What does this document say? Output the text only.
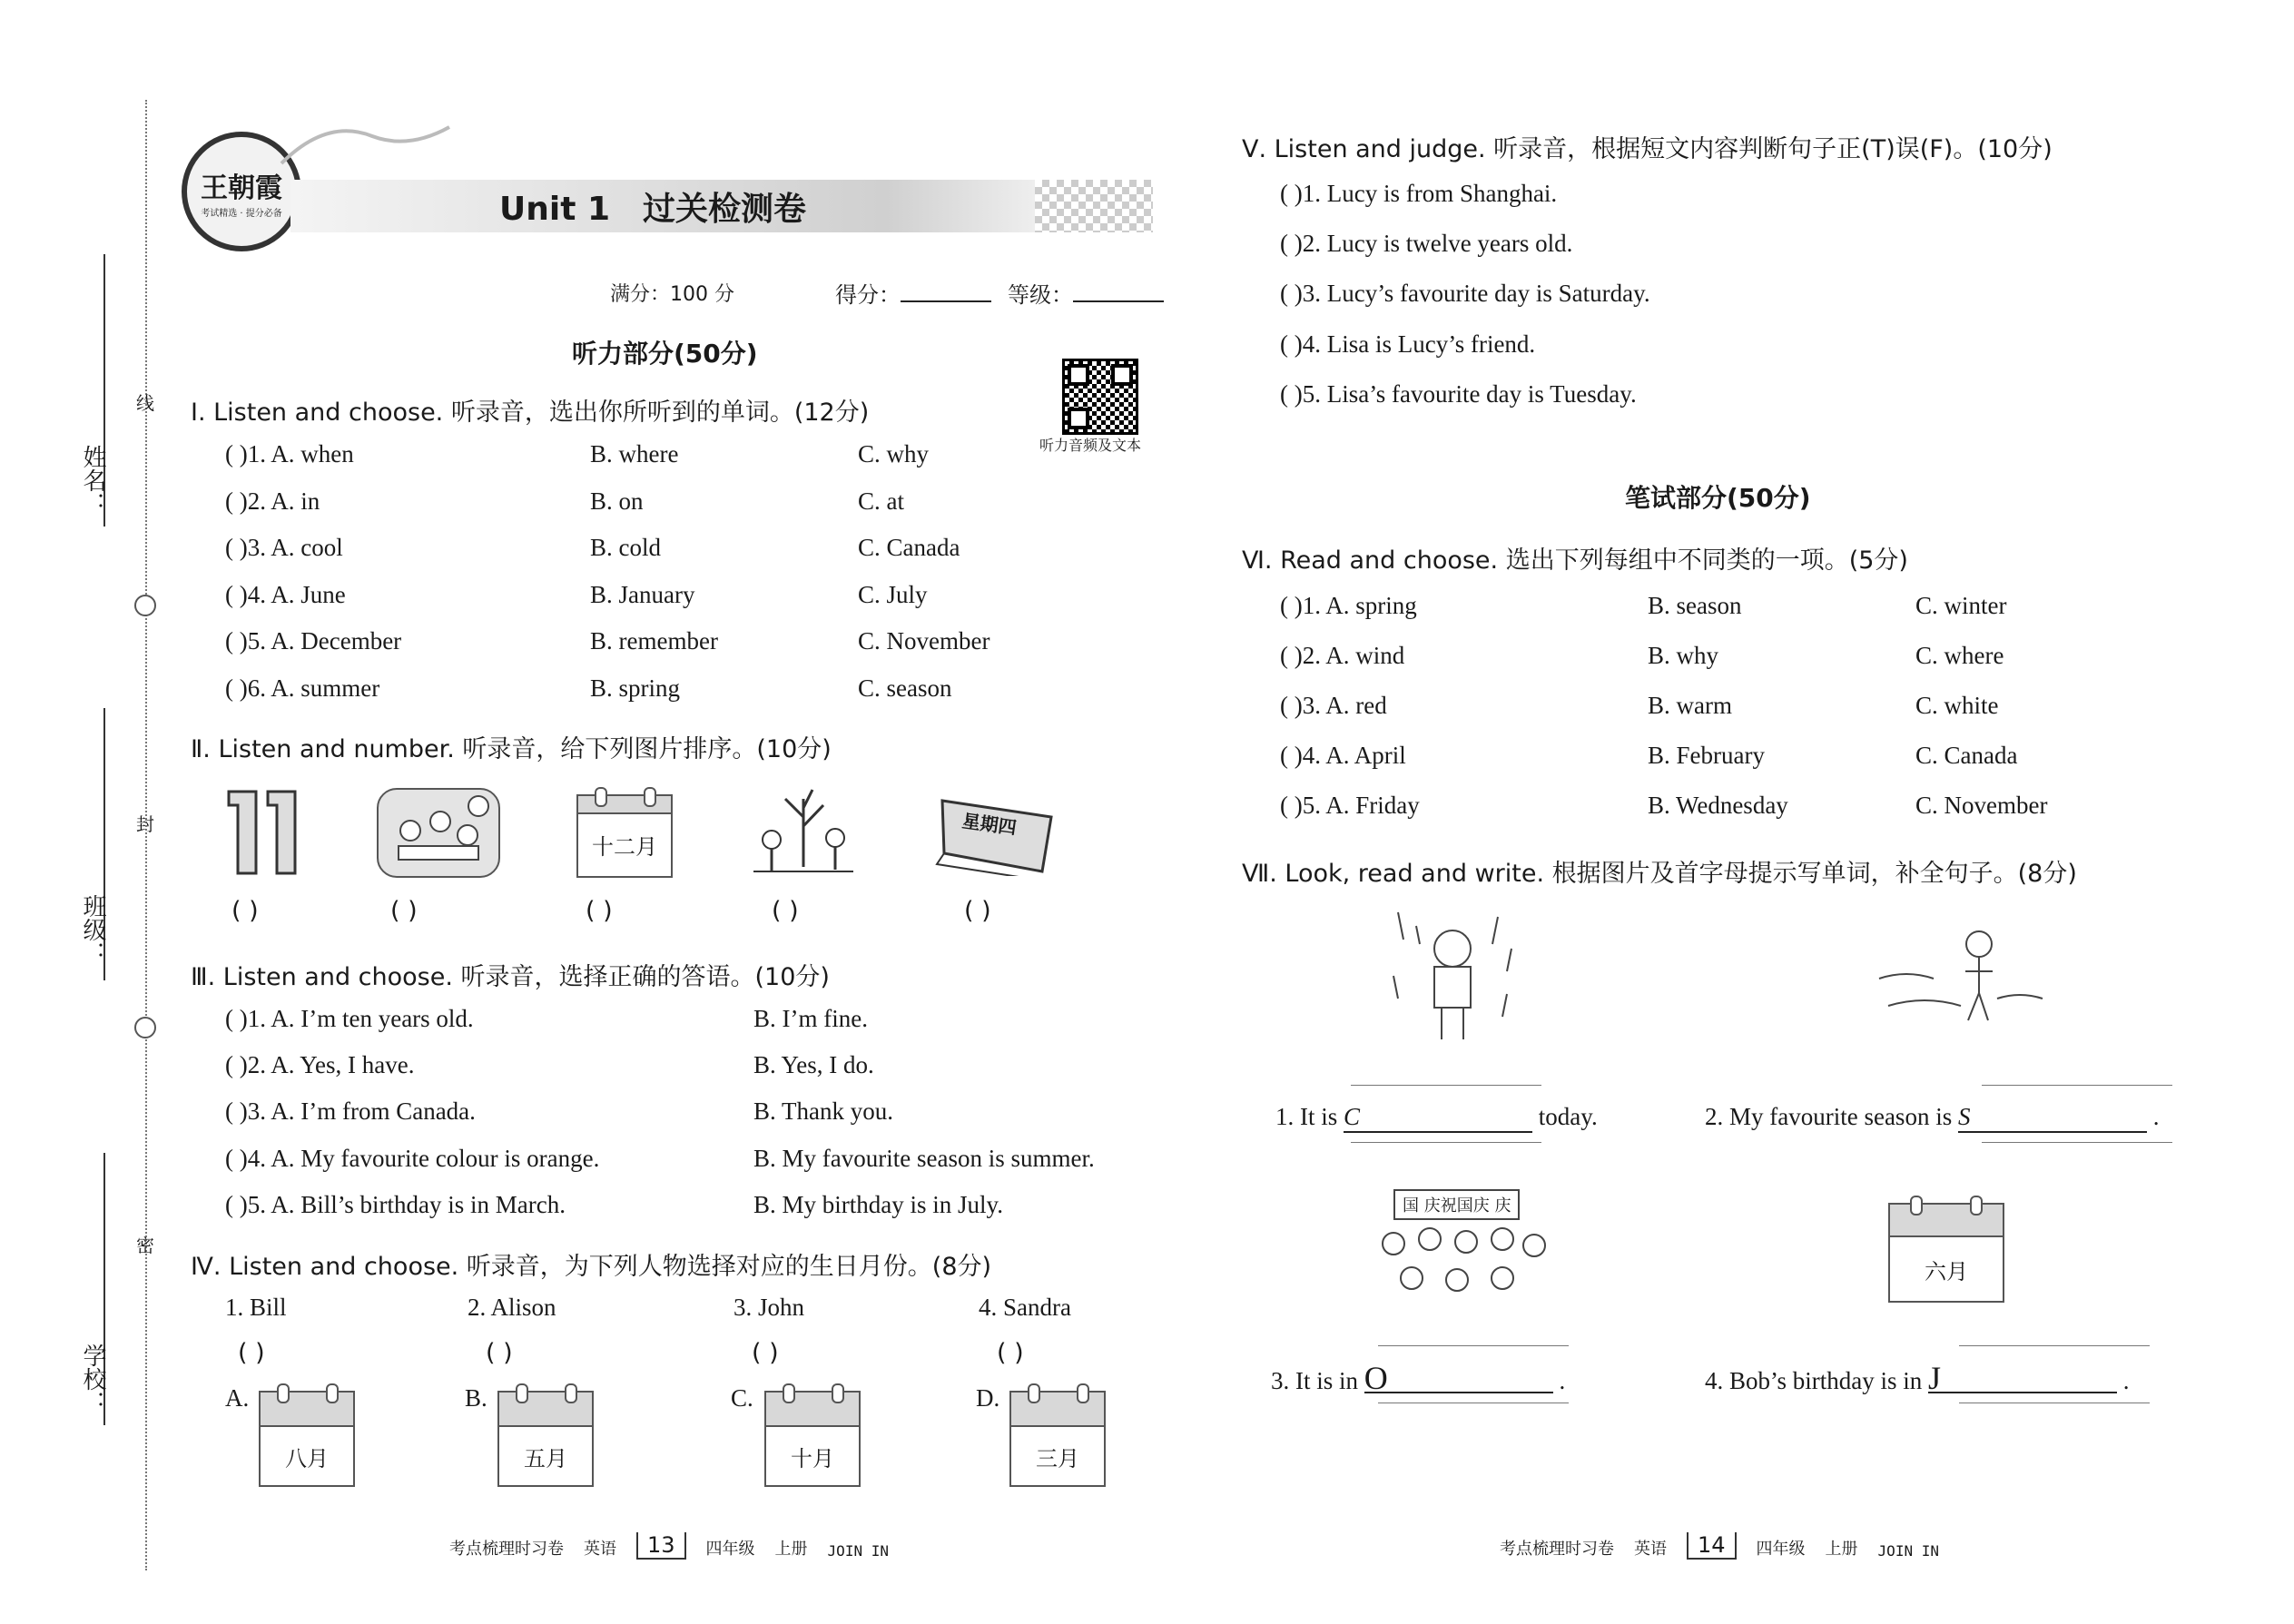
姓名：
班级：
学校：
线
封
密
王朝霞
考试精选 · 提分必备	Unit 1　过关检测卷
满分：100 分	得分：	等级：
听力部分(50分)
听力音频及文本
Ⅰ. Listen and choose. 听录音，选出你所听到的单词。(12分)
( )1. A. when	B. where	C. why
( )2. A. in	B. on	C. at
( )3. A. cool	B. cold	C. Canada
( )4. A. June	B. January	C. July
( )5. A. December	B. remember	C. November
( )6. A. summer	B. spring	C. season
Ⅱ. Listen and number. 听录音，给下列图片排序。(10分)
十二月
星期四
( )	( )	( )	( )	( )
Ⅲ. Listen and choose. 听录音，选择正确的答语。(10分)
( )1. A. I’m ten years old.	B. I’m fine.
( )2. A. Yes, I have.	B. Yes, I do.
( )3. A. I’m from Canada.	B. Thank you.
( )4. A. My favourite colour is orange.	B. My favourite season is summer.
( )5. A. Bill’s birthday is in March.	B. My birthday is in July.
Ⅳ. Listen and choose. 听录音，为下列人物选择对应的生日月份。(8分)
1. Bill	2. Alison	3. John	4. Sandra
( )	( )	( )	( )
A.
八月
B.
五月
C.
十月
D.
三月
考点梳理时习卷 英语	13	四年级 上册 JOIN IN
Ⅴ. Listen and judge. 听录音，根据短文内容判断句子正(T)误(F)。(10分)
( )1. Lucy is from Shanghai.
( )2. Lucy is twelve years old.
( )3. Lucy’s favourite day is Saturday.
( )4. Lisa is Lucy’s friend.
( )5. Lisa’s favourite day is Tuesday.
笔试部分(50分)
Ⅵ. Read and choose. 选出下列每组中不同类的一项。(5分)
( )1. A. spring	B. season	C. winter
( )2. A. wind	B. why	C. where
( )3. A. red	B. warm	C. white
( )4. A. April	B. February	C. Canada
( )5. A. Friday	B. Wednesday	C. November
Ⅶ. Look, read and write. 根据图片及首字母提示写单词，补全句子。(8分)
1. It is C	today.	2. My favourite season is S	.
国 庆祝国庆 庆
六月
3. It is in O	.	4. Bob’s birthday is in J	.
考点梳理时习卷 英语	14	四年级 上册 JOIN IN
